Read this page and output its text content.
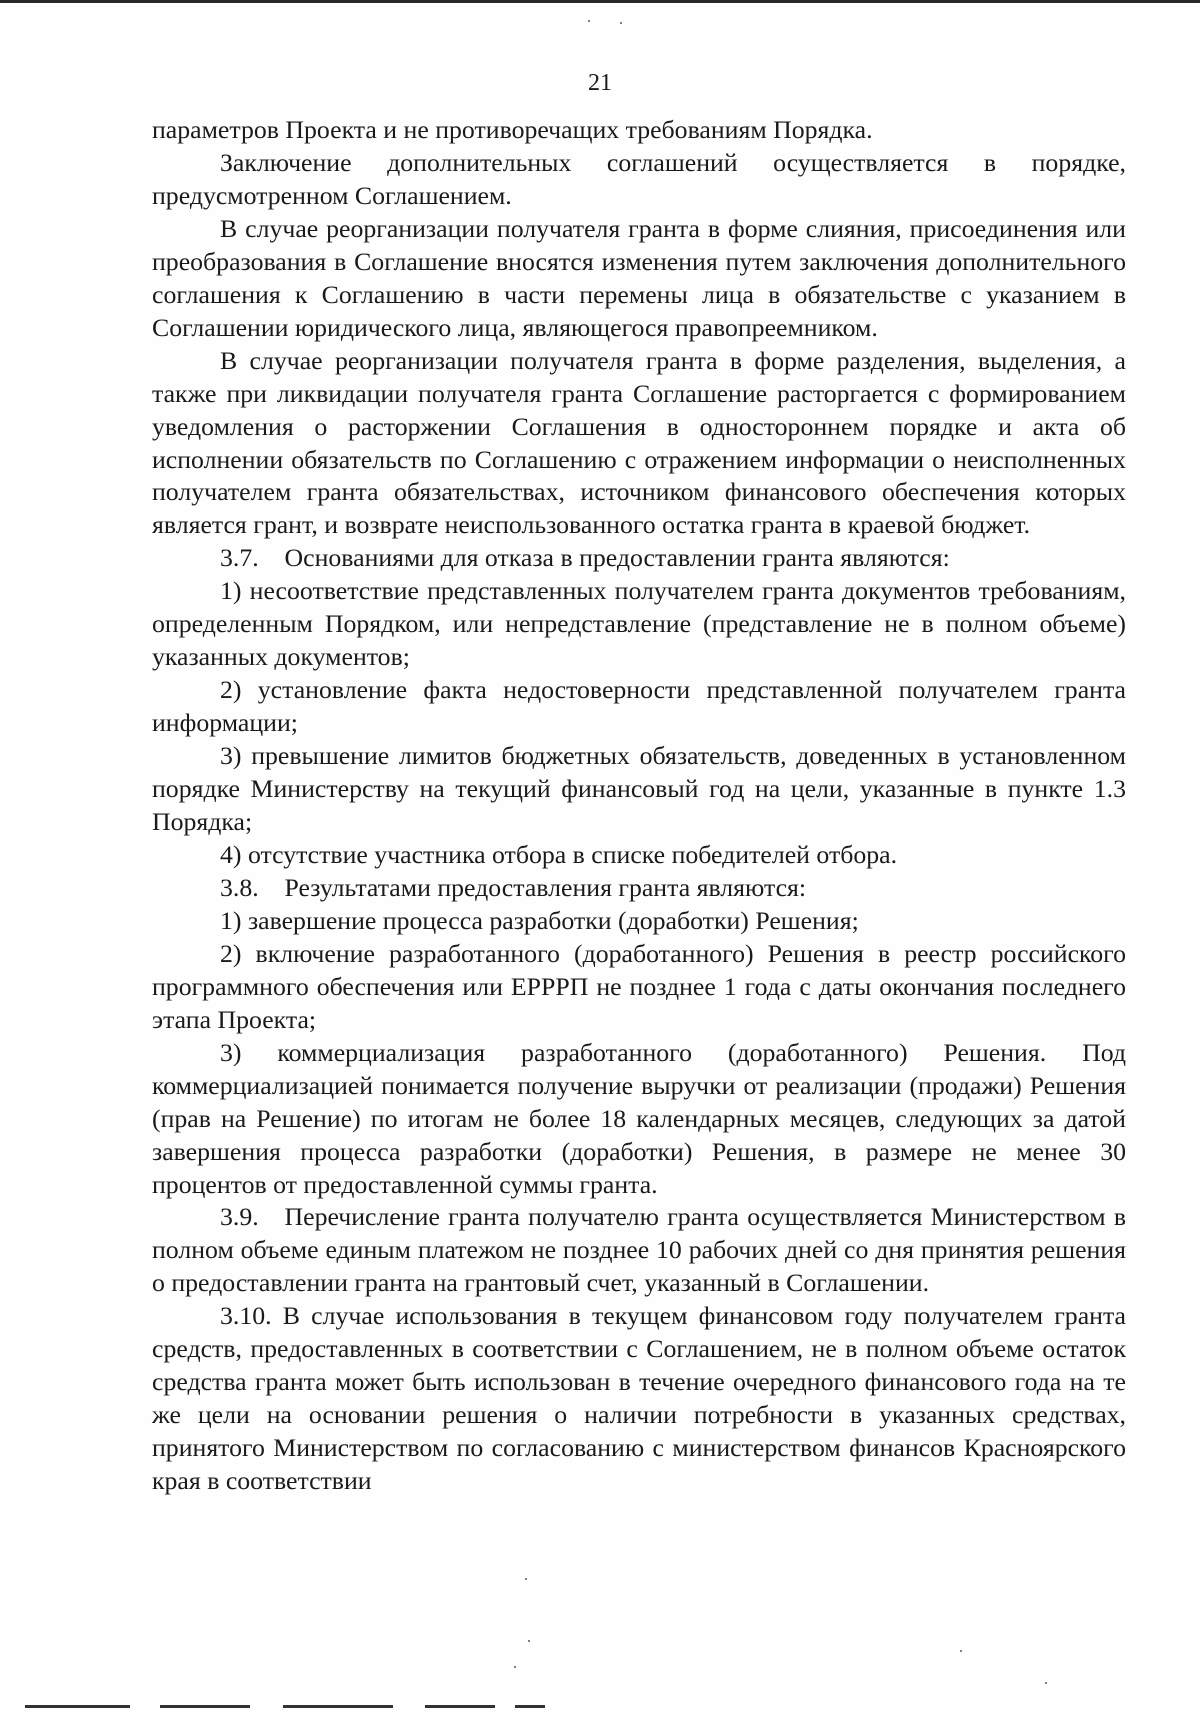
21

параметров Проекта и не противоречащих требованиям Порядка.

Заключение дополнительных соглашений осуществляется в порядке, предусмотренном Соглашением.

В случае реорганизации получателя гранта в форме слияния, присоединения или преобразования в Соглашение вносятся изменения путем заключения дополнительного соглашения к Соглашению в части перемены лица в обязательстве с указанием в Соглашении юридического лица, являющегося правопреемником.

В случае реорганизации получателя гранта в форме разделения, выделения, а также при ликвидации получателя гранта Соглашение расторгается с формированием уведомления о расторжении Соглашения в одностороннем порядке и акта об исполнении обязательств по Соглашению с отражением информации о неисполненных получателем гранта обязательствах, источником финансового обеспечения которых является грант, и возврате неиспользованного остатка гранта в краевой бюджет.

3.7. Основаниями для отказа в предоставлении гранта являются:

1) несоответствие представленных получателем гранта документов требованиям, определенным Порядком, или непредставление (представление не в полном объеме) указанных документов;

2) установление факта недостоверности представленной получателем гранта информации;

3) превышение лимитов бюджетных обязательств, доведенных в установленном порядке Министерству на текущий финансовый год на цели, указанные в пункте 1.3 Порядка;

4) отсутствие участника отбора в списке победителей отбора.

3.8. Результатами предоставления гранта являются:

1) завершение процесса разработки (доработки) Решения;

2) включение разработанного (доработанного) Решения в реестр российского программного обеспечения или ЕРРРП не позднее 1 года с даты окончания последнего этапа Проекта;

3) коммерциализация разработанного (доработанного) Решения. Под коммерциализацией понимается получение выручки от реализации (продажи) Решения (прав на Решение) по итогам не более 18 календарных месяцев, следующих за датой завершения процесса разработки (доработки) Решения, в размере не менее 30 процентов от предоставленной суммы гранта.

3.9. Перечисление гранта получателю гранта осуществляется Министерством в полном объеме единым платежом не позднее 10 рабочих дней со дня принятия решения о предоставлении гранта на грантовый счет, указанный в Соглашении.

3.10. В случае использования в текущем финансовом году получателем гранта средств, предоставленных в соответствии с Соглашением, не в полном объеме остаток средства гранта может быть использован в течение очередного финансового года на те же цели на основании решения о наличии потребности в указанных средствах, принятого Министерством по согласованию с министерством финансов Красноярского края в соответствии
